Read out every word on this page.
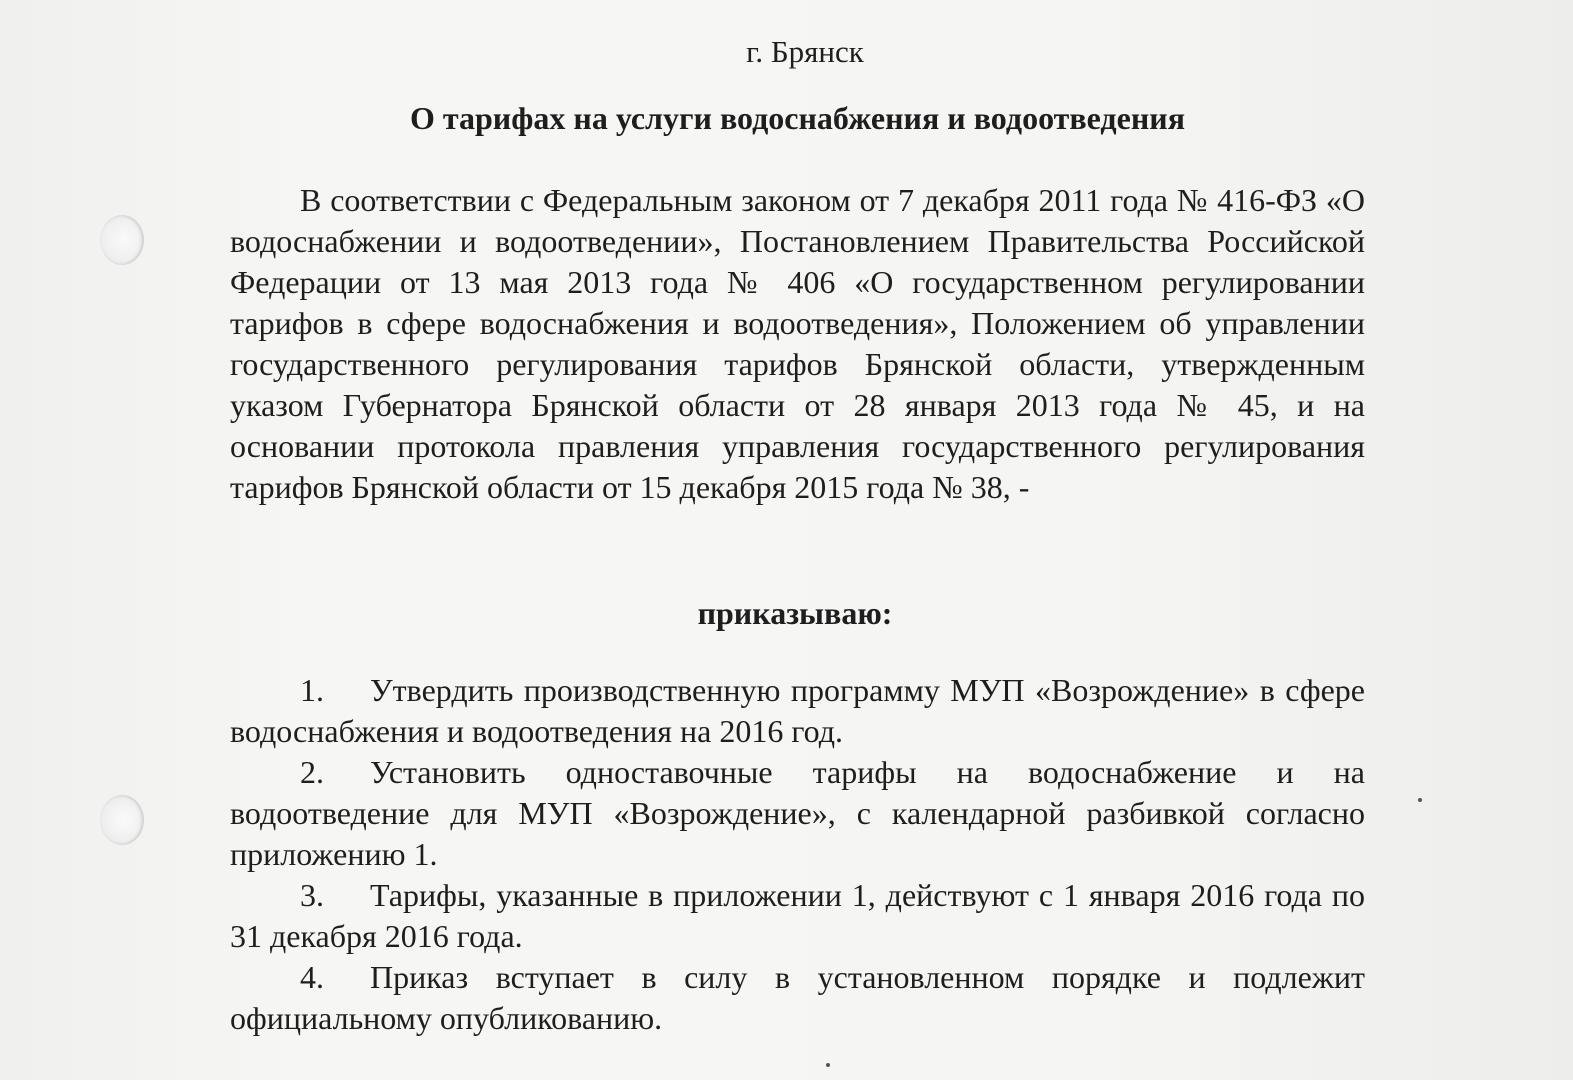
г. Брянск
О тарифах на услуги водоснабжения и водоотведения

В соответствии с Федеральным законом от 7 декабря 2011 года № 416-ФЗ «О водоснабжении и водоотведении», Постановлением Правительства Российской Федерации от 13 мая 2013 года № 406 «О государственном регулировании тарифов в сфере водоснабжения и водоотведения», Положением об управлении государственного регулирования тарифов Брянской области, утвержденным указом Губернатора Брянской области от 28 января 2013 года № 45, и на основании протокола правления управления государственного регулирования тарифов Брянской области от 15 декабря 2015 года № 38, -

приказываю:

1. Утвердить производственную программу МУП «Возрождение» в сфере водоснабжения и водоотведения на 2016 год.

2. Установить одноставочные тарифы на водоснабжение и на водоотведение для МУП «Возрождение», с календарной разбивкой согласно приложению 1.

3. Тарифы, указанные в приложении 1, действуют с 1 января 2016 года по 31 декабря 2016 года.

4. Приказ вступает в силу в установленном порядке и подлежит официальному опубликованию.
